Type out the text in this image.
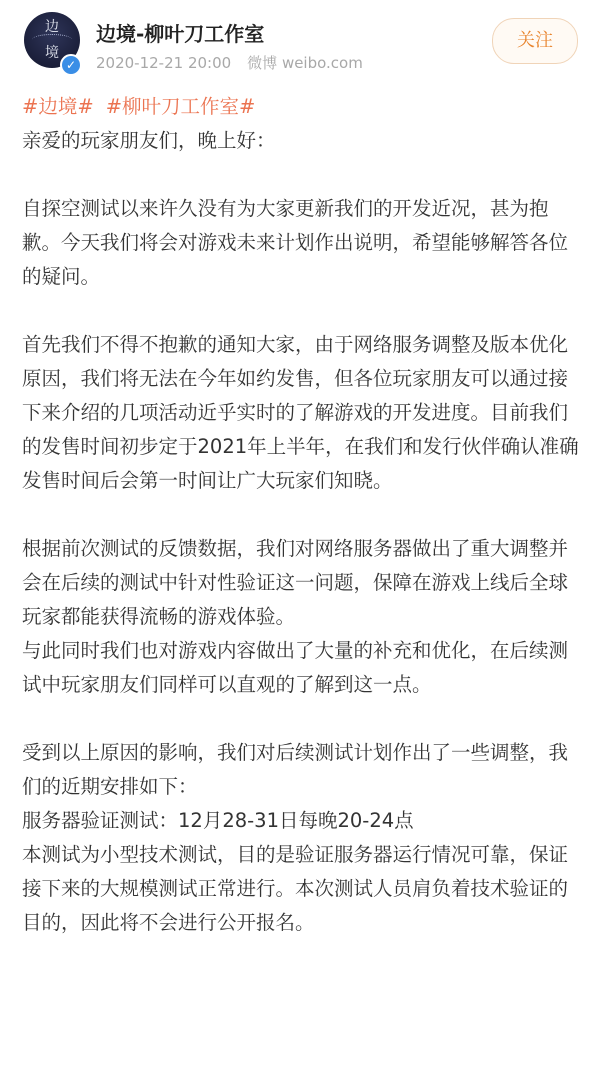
边
境
✓
边境-柳叶刀工作室
2020-12-21 20:00 微博 weibo.com
关注

#边境# #柳叶刀工作室#

亲爱的玩家朋友们，晚上好：

自探空测试以来许久没有为大家更新我们的开发近况，甚为抱歉。今天我们将会对游戏未来计划作出说明，希望能够解答各位的疑问。

首先我们不得不抱歉的通知大家，由于网络服务调整及版本优化原因，我们将无法在今年如约发售，但各位玩家朋友可以通过接下来介绍的几项活动近乎实时的了解游戏的开发进度。目前我们的发售时间初步定于2021年上半年，在我们和发行伙伴确认准确发售时间后会第一时间让广大玩家们知晓。

根据前次测试的反馈数据，我们对网络服务器做出了重大调整并会在后续的测试中针对性验证这一问题，保障在游戏上线后全球玩家都能获得流畅的游戏体验。

与此同时我们也对游戏内容做出了大量的补充和优化，在后续测试中玩家朋友们同样可以直观的了解到这一点。

受到以上原因的影响，我们对后续测试计划作出了一些调整，我们的近期安排如下：

服务器验证测试：12月28-31日每晚20-24点

本测试为小型技术测试，目的是验证服务器运行情况可靠，保证接下来的大规模测试正常进行。本次测试人员肩负着技术验证的目的，因此将不会进行公开报名。
